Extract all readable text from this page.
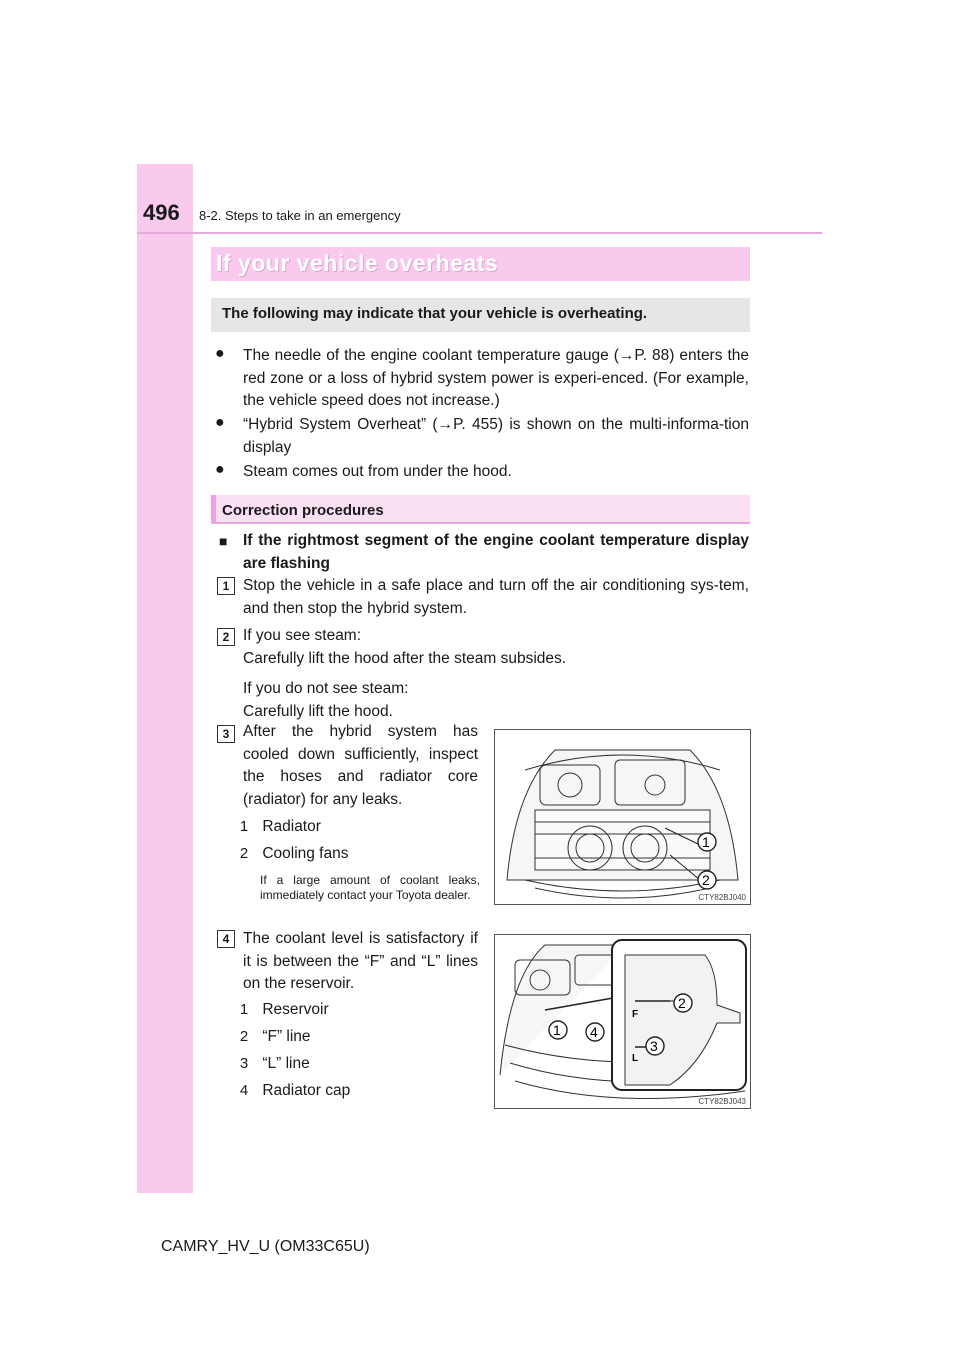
496 8-2. Steps to take in an emergency
If your vehicle overheats
The following may indicate that your vehicle is overheating.
● The needle of the engine coolant temperature gauge (→P. 88) enters the red zone or a loss of hybrid system power is experi-enced. (For example, the vehicle speed does not increase.)
● “Hybrid System Overheat” (→P. 455) is shown on the multi-informa-tion display
● Steam comes out from under the hood.
Correction procedures
■ If the rightmost segment of the engine coolant temperature display are flashing
1 Stop the vehicle in a safe place and turn off the air conditioning sys-tem, and then stop the hybrid system.
2 If you see steam:
Carefully lift the hood after the steam subsides.
If you do not see steam:
Carefully lift the hood.
3 After the hybrid system has cooled down sufficiently, inspect the hoses and radiator core (radiator) for any leaks.
1 Radiator
2 Cooling fans
If a large amount of coolant leaks, immediately contact your Toyota dealer.
1
2
CTY82BJ040
4 The coolant level is satisfactory if it is between the “F” and “L” lines on the reservoir.
1 Reservoir
2 “F” line
3 “L” line
4 Radiator cap
F
L
2
3
1 4
CTY82BJ043
CAMRY_HV_U (OM33C65U)
